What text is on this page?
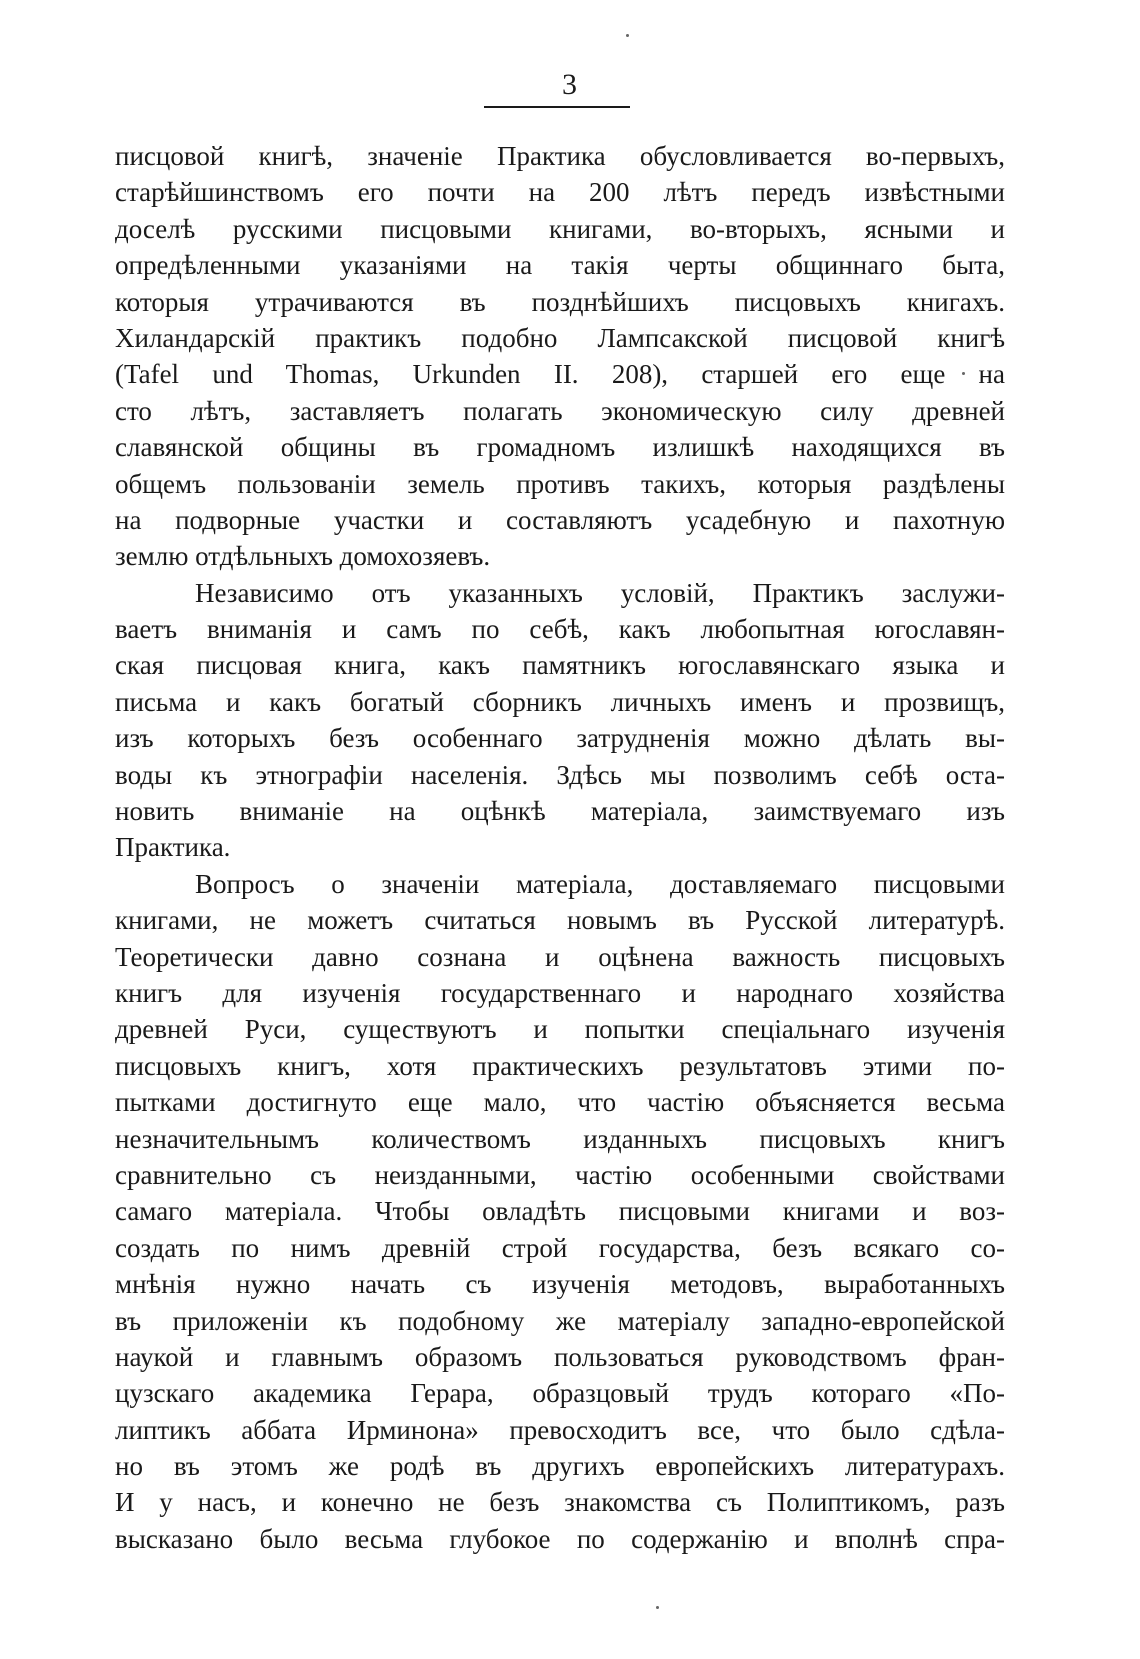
3
писцовой книгѣ, значеніе Практика обусловливается во-первыхъ,
старѣйшинствомъ его почти на 200 лѣтъ передъ извѣстными
доселѣ русскими писцовыми книгами, во-вторыхъ, ясными и
опредѣленными указаніями на такія черты общиннаго быта,
которыя утрачиваются въ позднѣйшихъ писцовыхъ книгахъ.
Хиландарскій практикъ подобно Лампсакской писцовой книгѣ
(Tafel und Thomas, Urkunden II. 208), старшей его еще на
сто лѣтъ, заставляетъ полагать экономическую силу древней
славянской общины въ громадномъ излишкѣ находящихся въ
общемъ пользованіи земель противъ такихъ, которыя раздѣлены
на подворные участки и составляютъ усадебную и пахотную
землю отдѣльныхъ домохозяевъ.
Независимо отъ указанныхъ условій, Практикъ заслужи-
ваетъ вниманія и самъ по себѣ, какъ любопытная югославян-
ская писцовая книга, какъ памятникъ югославянскаго языка и
письма и какъ богатый сборникъ личныхъ именъ и прозвищъ,
изъ которыхъ безъ особеннаго затрудненія можно дѣлать вы-
воды къ этнографіи населенія. Здѣсь мы позволимъ себѣ оста-
новить вниманіе на оцѣнкѣ матеріала, заимствуемаго изъ
Практика.
Вопросъ о значеніи матеріала, доставляемаго писцовыми
книгами, не можетъ считаться новымъ въ Русской литературѣ.
Теоретически давно сознана и оцѣнена важность писцовыхъ
книгъ для изученія государственнаго и народнаго хозяйства
древней Руси, существуютъ и попытки спеціальнаго изученія
писцовыхъ книгъ, хотя практическихъ результатовъ этими по-
пытками достигнуто еще мало, что частію объясняется весьма
незначительнымъ количествомъ изданныхъ писцовыхъ книгъ
сравнительно съ неизданными, частію особенными свойствами
самаго матеріала. Чтобы овладѣть писцовыми книгами и воз-
создать по нимъ древній строй государства, безъ всякаго со-
мнѣнія нужно начать съ изученія методовъ, выработанныхъ
въ приложеніи къ подобному же матеріалу западно-европейской
наукой и главнымъ образомъ пользоваться руководствомъ фран-
цузскаго академика Герара, образцовый трудъ котораго «По-
липтикъ аббата Ирминона» превосходитъ все, что было сдѣла-
но въ этомъ же родѣ въ другихъ европейскихъ литературахъ.
И у насъ, и конечно не безъ знакомства съ Полиптикомъ, разъ
высказано было весьма глубокое по содержанію и вполнѣ спра-
